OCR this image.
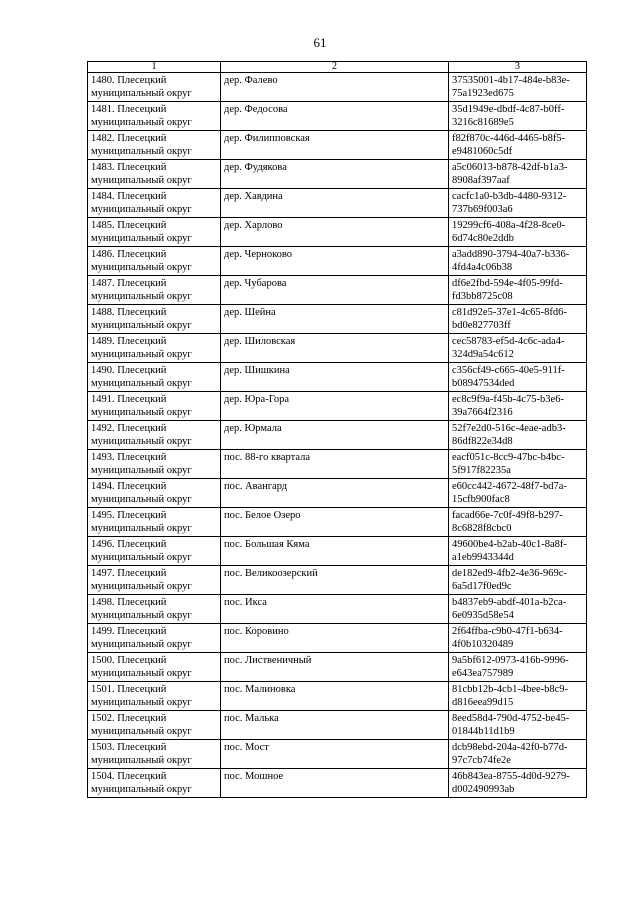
61
1	2	3

1480. Плесецкий
муниципальный округ	дер. Фалево	37535001-4b17-484e-b83e-
75a1923ed675

1481. Плесецкий
муниципальный округ	дер. Федосова	35d1949e-dbdf-4c87-b0ff-
3216c81689e5

1482. Плесецкий
муниципальный округ	дер. Филипповская	f82f870c-446d-4465-b8f5-
e9481060c5df

1483. Плесецкий
муниципальный округ	дер. Фудякова	a5c06013-b878-42df-b1a3-
8908af397aaf

1484. Плесецкий
муниципальный округ	дер. Хавдина	cacfc1a0-b3db-4480-9312-
737b69f003a6

1485. Плесецкий
муниципальный округ	дер. Харлово	19299cf6-408a-4f28-8ce0-
6d74c80e2ddb

1486. Плесецкий
муниципальный округ	дер. Черноково	a3add890-3794-40a7-b336-
4fd4a4c06b38

1487. Плесецкий
муниципальный округ	дер. Чубарова	df6e2fbd-594e-4f05-99fd-
fd3bb8725c08

1488. Плесецкий
муниципальный округ	дер. Шейна	c81d92e5-37e1-4c65-8fd6-
bd0e827703ff

1489. Плесецкий
муниципальный округ	дер. Шиловская	cec58783-ef5d-4c6c-ada4-
324d9a54c612

1490. Плесецкий
муниципальный округ	дер. Шишкина	c356cf49-c665-40e5-911f-
b08947534ded

1491. Плесецкий
муниципальный округ	дер. Юра-Гора	ec8c9f9a-f45b-4c75-b3e6-
39a7664f2316

1492. Плесецкий
муниципальный округ	дер. Юрмала	52f7e2d0-516c-4eae-adb3-
86df822e34d8

1493. Плесецкий
муниципальный округ	пос. 88-го квартала	eacf051c-8cc9-47bc-b4bc-
5f917f82235a

1494. Плесецкий
муниципальный округ	пос. Авангард	e60cc442-4672-48f7-bd7a-
15cfb900fac8

1495. Плесецкий
муниципальный округ	пос. Белое Озеро	facad66e-7c0f-49f8-b297-
8c6828f8cbc0

1496. Плесецкий
муниципальный округ	пос. Большая Кяма	49600be4-b2ab-40c1-8a8f-
a1eb9943344d

1497. Плесецкий
муниципальный округ	пос. Великоозерский	de182ed9-4fb2-4e36-969c-
6a5d17f0ed9c

1498. Плесецкий
муниципальный округ	пос. Икса	b4837eb9-abdf-401a-b2ca-
6e0935d58e54

1499. Плесецкий
муниципальный округ	пос. Коровино	2f64ffba-c9b0-47f1-b634-
4f0b10320489

1500. Плесецкий
муниципальный округ	пос. Лиственичный	9a5bf612-0973-416b-9996-
e643ea757989

1501. Плесецкий
муниципальный округ	пос. Малиновка	81cbb12b-4cb1-4bee-b8c9-
d816eea99d15

1502. Плесецкий
муниципальный округ	пос. Малька	8eed58d4-790d-4752-be45-
01844b11d1b9

1503. Плесецкий
муниципальный округ	пос. Мост	dcb98ebd-204a-42f0-b77d-
97c7cb74fe2e

1504. Плесецкий
муниципальный округ	пос. Мошное	46b843ea-8755-4d0d-9279-
d002490993ab
